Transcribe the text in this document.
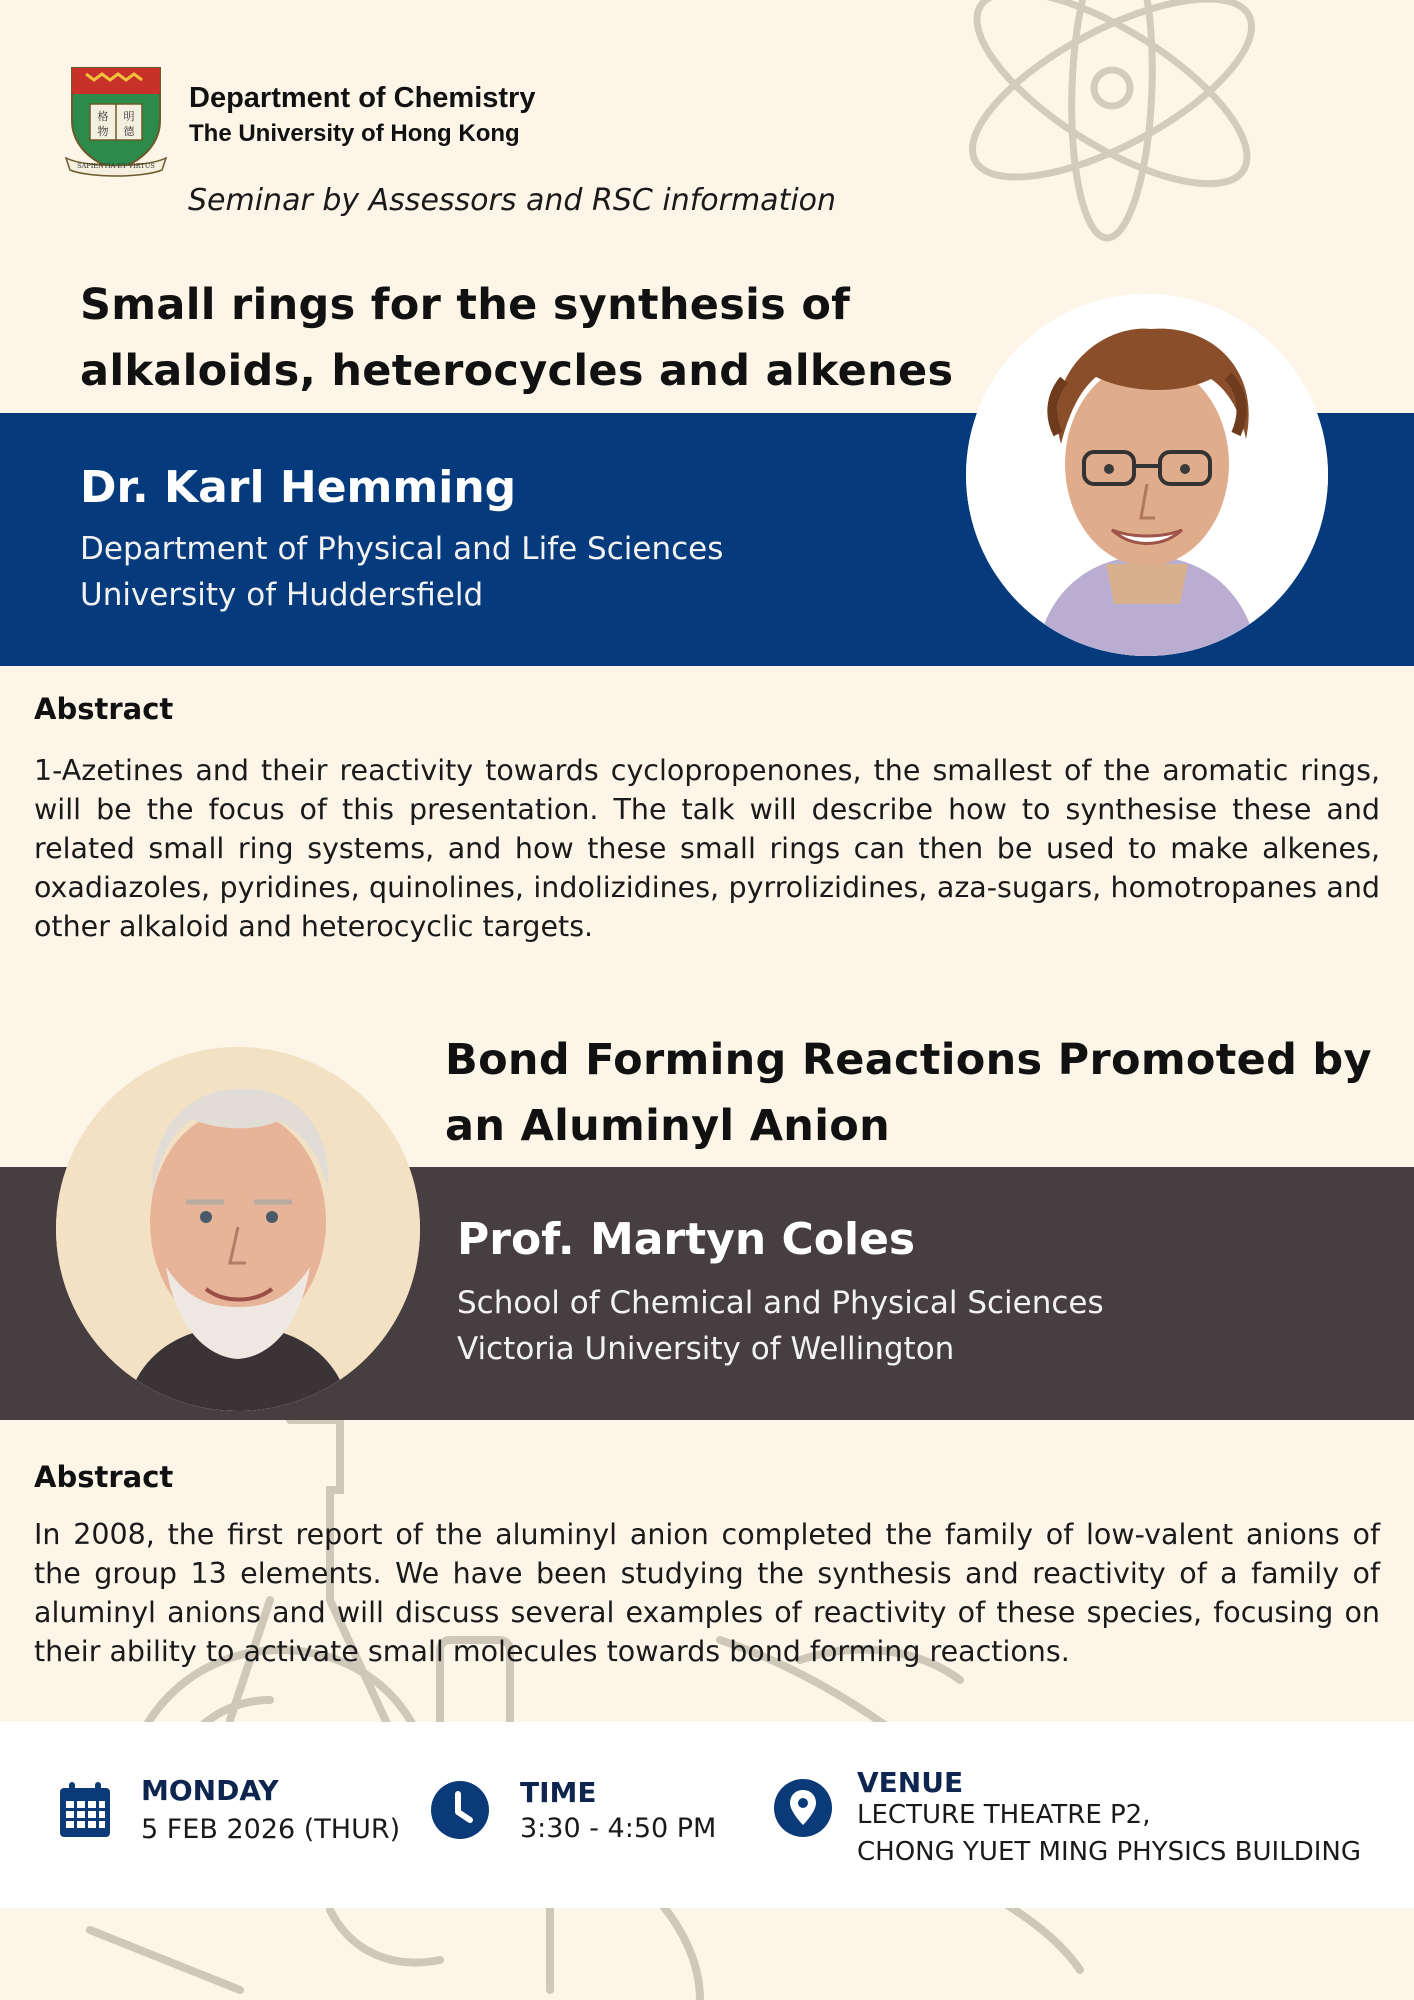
格 明
物 德
SAPIENTIA ET VIRTUS
Department of Chemistry
The University of Hong Kong
Seminar by Assessors and RSC information
Small rings for the synthesis of
alkaloids, heterocycles and alkenes
Dr. Karl Hemming
Department of Physical and Life Sciences
University of Huddersfield
Abstract
1-Azetines and their reactivity towards cyclopropenones, the smallest of the aromatic rings, will be the focus of this presentation. The talk will describe how to synthesise these and related small ring systems, and how these small rings can then be used to make alkenes, oxadiazoles, pyridines, quinolines, indolizidines, pyrrolizidines, aza-sugars, homotropanes and other alkaloid and heterocyclic targets.
Bond Forming Reactions Promoted by
an Aluminyl Anion
Prof. Martyn Coles
School of Chemical and Physical Sciences
Victoria University of Wellington
Abstract
In 2008, the first report of the aluminyl anion completed the family of low-valent anions of the group 13 elements. We have been studying the synthesis and reactivity of a family of aluminyl anions and will discuss several examples of reactivity of these species, focusing on their ability to activate small molecules towards bond forming reactions.
MONDAY
5 FEB 2026 (THUR)
TIME
3:30 - 4:50 PM
VENUE
LECTURE THEATRE P2,
CHONG YUET MING PHYSICS BUILDING
